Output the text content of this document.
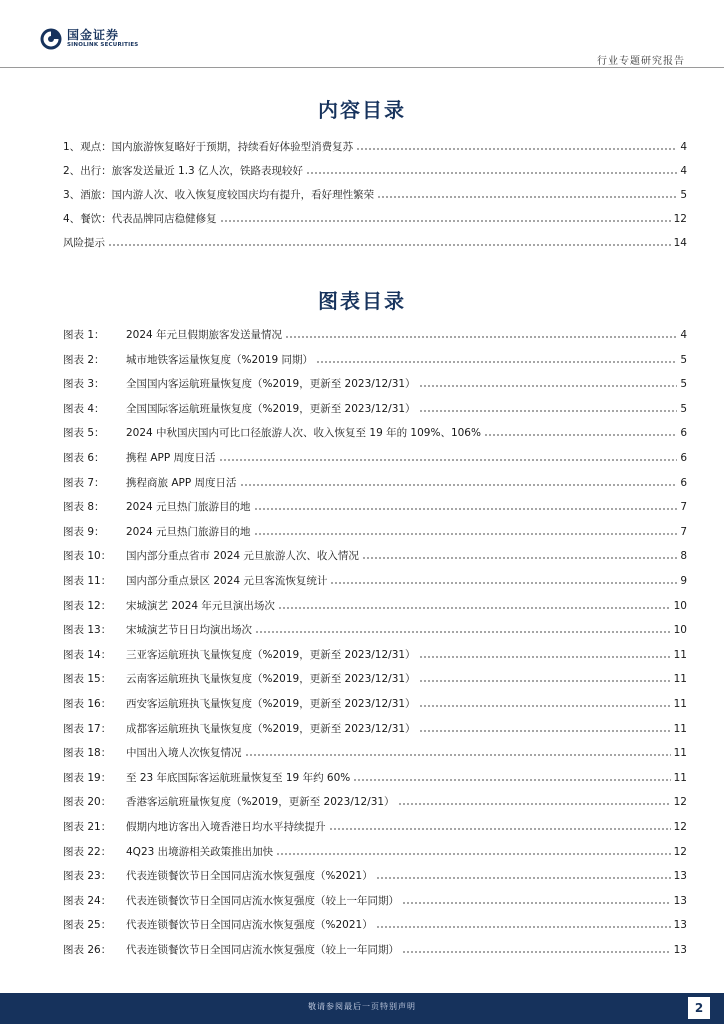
国金证券
SINOLINK SECURITIES
行业专题研究报告
内容目录
1、 观点：国内旅游恢复略好于预期，持续看好体验型消费复苏	4
2、 出行：旅客发送量近 1.3 亿人次，铁路表现较好	4
3、 酒旅：国内游人次、收入恢复度较国庆均有提升，看好理性繁荣	5
4、 餐饮：代表品牌同店稳健修复	12
风险提示	14
图表目录
图表 1：	2024 年元旦假期旅客发送量情况	4
图表 2：	城市地铁客运量恢复度（%2019 同期）	5
图表 3：	全国国内客运航班量恢复度（%2019，更新至 2023/12/31）	5
图表 4：	全国国际客运航班量恢复度（%2019，更新至 2023/12/31）	5
图表 5：	2024 中秋国庆国内可比口径旅游人次、收入恢复至 19 年的 109%、106%	6
图表 6：	携程 APP 周度日活	6
图表 7：	携程商旅 APP 周度日活	6
图表 8：	2024 元旦热门旅游目的地	7
图表 9：	2024 元旦热门旅游目的地	7
图表 10：	国内部分重点省市 2024 元旦旅游人次、收入情况	8
图表 11：	国内部分重点景区 2024 元旦客流恢复统计	9
图表 12：	宋城演艺 2024 年元旦演出场次	10
图表 13：	宋城演艺节日日均演出场次	10
图表 14：	三亚客运航班执飞量恢复度（%2019，更新至 2023/12/31）	11
图表 15：	云南客运航班执飞量恢复度（%2019，更新至 2023/12/31）	11
图表 16：	西安客运航班执飞量恢复度（%2019，更新至 2023/12/31）	11
图表 17：	成都客运航班执飞量恢复度（%2019，更新至 2023/12/31）	11
图表 18：	中国出入境人次恢复情况	11
图表 19：	至 23 年底国际客运航班量恢复至 19 年约 60%	11
图表 20：	香港客运航班量恢复度（%2019，更新至 2023/12/31）	12
图表 21：	假期内地访客出入境香港日均水平持续提升	12
图表 22：	4Q23 出境游相关政策推出加快	12
图表 23：	代表连锁餐饮节日全国同店流水恢复强度（%2021）	13
图表 24：	代表连锁餐饮节日全国同店流水恢复强度（较上一年同期）	13
图表 25：	代表连锁餐饮节日全国同店流水恢复强度（%2021）	13
图表 26：	代表连锁餐饮节日全国同店流水恢复强度（较上一年同期）	13
敬请参阅最后一页特别声明	2
